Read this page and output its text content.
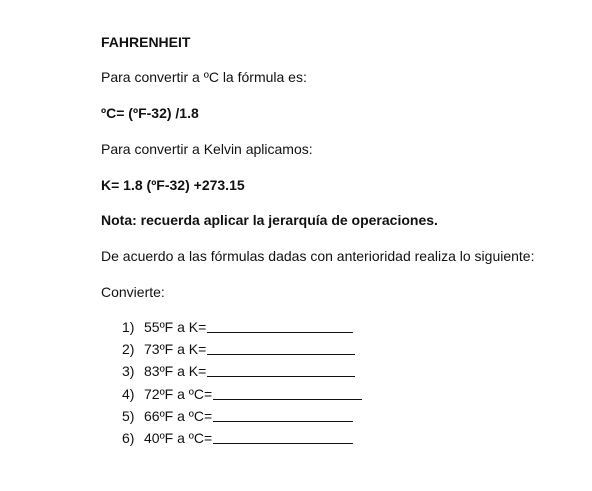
FAHRENHEIT
Para convertir a ºC la fórmula es:
ºC= (ºF-32) /1.8
Para convertir a Kelvin aplicamos:
K= 1.8 (ºF-32) +273.15
Nota: recuerda aplicar la jerarquía de operaciones.
De acuerdo a las fórmulas dadas con anterioridad realiza lo siguiente:
Convierte:
1) 55ºF a K=
2) 73ºF a K=
3) 83ºF a K=
4) 72ºF a ºC=
5) 66ºF a ºC=
6) 40ºF a ºC=
